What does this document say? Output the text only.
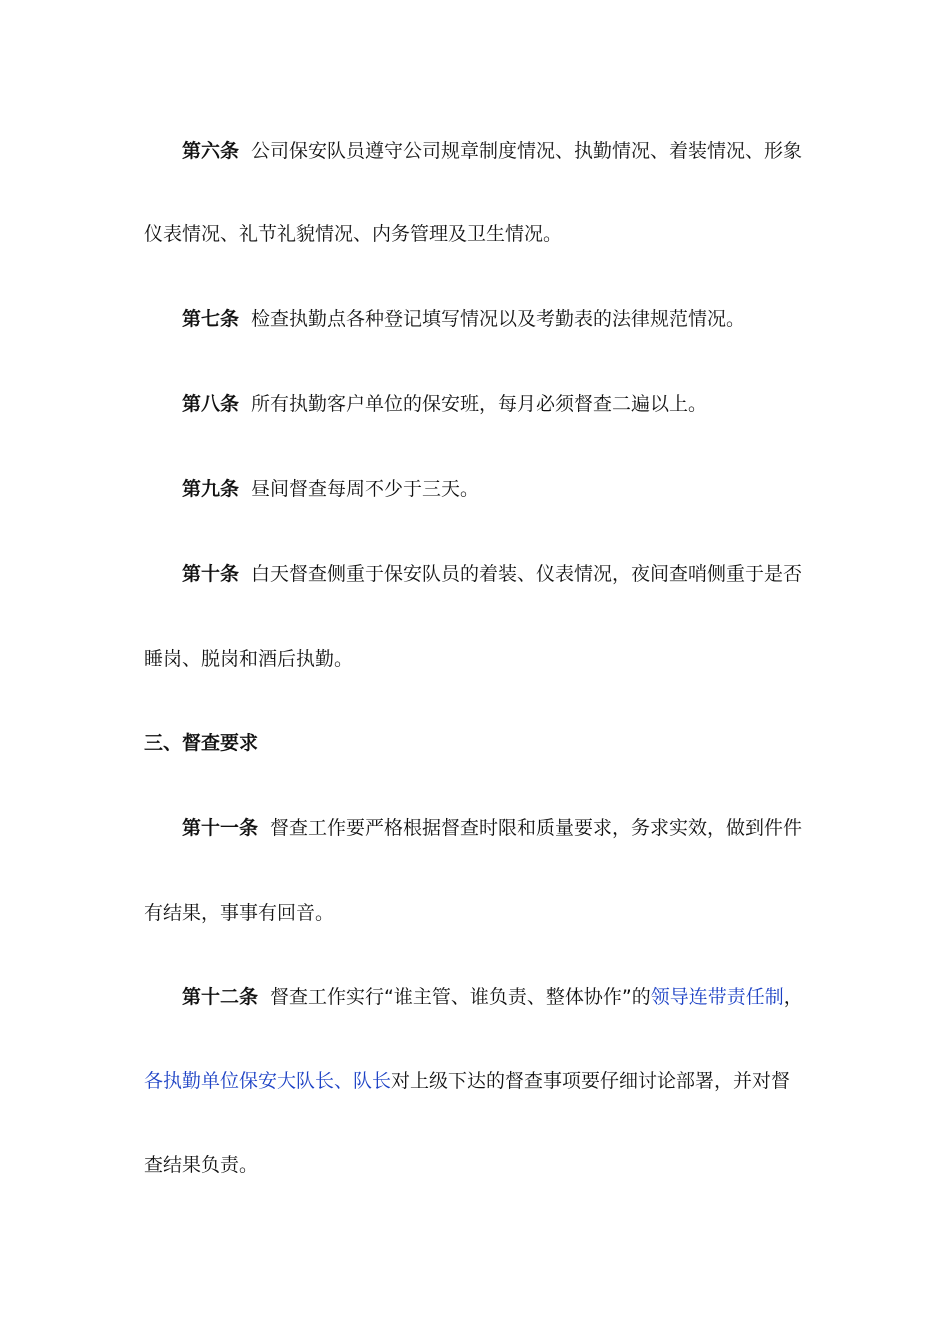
第六条 公司保安队员遵守公司规章制度情况、执勤情况、着装情况、形象
仪表情况、礼节礼貌情况、内务管理及卫生情况。
第七条 检查执勤点各种登记填写情况以及考勤表的法律规范情况。
第八条 所有执勤客户单位的保安班，每月必须督查二遍以上。
第九条 昼间督查每周不少于三天。
第十条 白天督查侧重于保安队员的着装、仪表情况，夜间查哨侧重于是否
睡岗、脱岗和酒后执勤。
三、督查要求
第十一条 督查工作要严格根据督查时限和质量要求，务求实效，做到件件
有结果，事事有回音。
第十二条 督查工作实行“谁主管、谁负责、整体协作”的领导连带责任制，
各执勤单位保安大队长、队长对上级下达的督查事项要仔细讨论部署，并对督
查结果负责。
